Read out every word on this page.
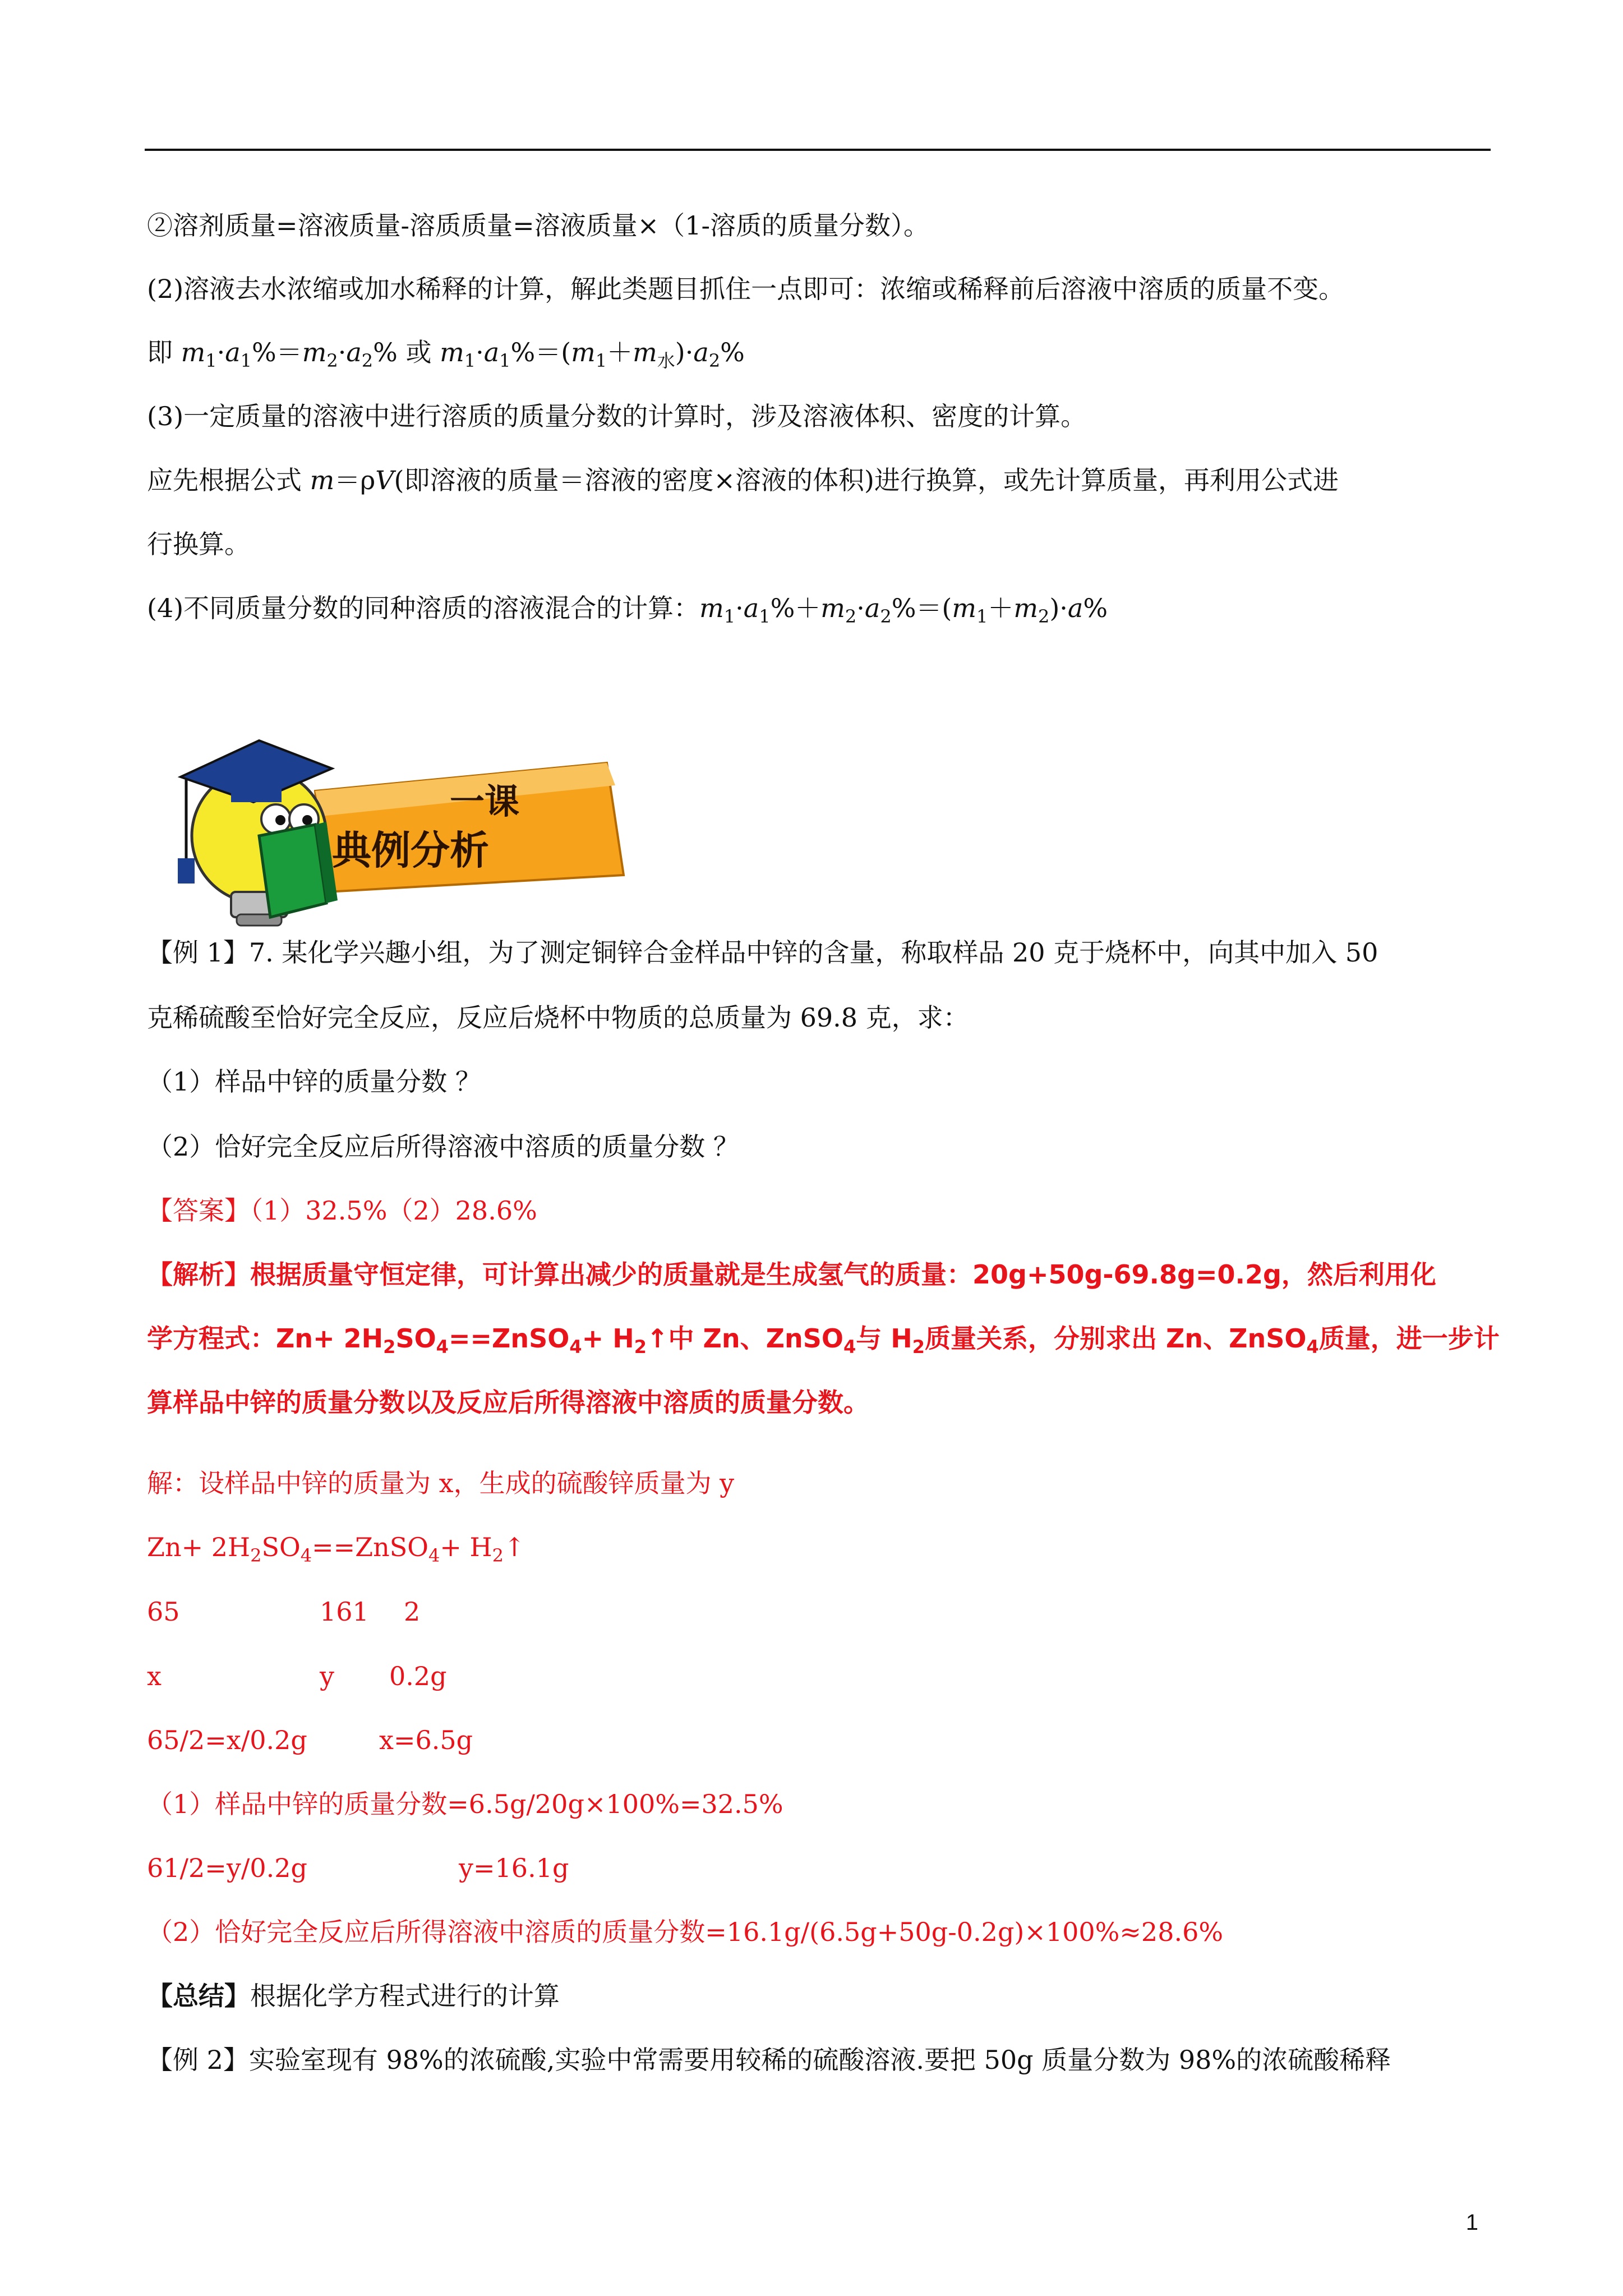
②溶剂质量=溶液质量-溶质质量=溶液质量×（1-溶质的质量分数）。
(2)溶液去水浓缩或加水稀释的计算，解此类题目抓住一点即可：浓缩或稀释前后溶液中溶质的质量不变。
即 $m_1\cdot a_1\%=m_2\cdot a_2\%$ 或 $m_1\cdot a_1\%=(m_1+m_水)\cdot a_2\%$
(3)一定质量的溶液中进行溶质的质量分数的计算时，涉及溶液体积、密度的计算。
应先根据公式 m＝ρV(即溶液的质量＝溶液的密度×溶液的体积)进行换算，或先计算质量，再利用公式进
行换算。
(4)不同质量分数的同种溶质的溶液混合的计算：$m_1\cdot a_1\%+m_2\cdot a_2\%=(m_1+m_2)\cdot a\%$
一课
典例分析
【例 1】7. 某化学兴趣小组，为了测定铜锌合金样品中锌的含量，称取样品 20 克于烧杯中，向其中加入 50
克稀硫酸至恰好完全反应，反应后烧杯中物质的总质量为 69.8 克，求：
（1）样品中锌的质量分数 ？
（2）恰好完全反应后所得溶液中溶质的质量分数 ？
【答案】（1）32.5%（2）28.6%
【解析】根据质量守恒定律，可计算出减少的质量就是生成氢气的质量：20g+50g-69.8g=0.2g，然后利用化
学方程式：$Zn+ 2H_2SO_4==ZnSO_4+$ $H_2↑$中 Zn、ZnSO$_4$与 $H_2$质量关系，分别求出 Zn、ZnSO$_4$质量，进一步计
算样品中锌的质量分数以及反应后所得溶液中溶质的质量分数。
解：设样品中锌的质量为 x，生成的硫酸锌质量为 y
$Zn+ 2H_2SO_4==ZnSO_4+$ $H_2↑$
65	161 2
x	y 0.2g
65/2=x/0.2g	x=6.5g
（1）样品中锌的质量分数=6.5g/20g×100%=32.5%
61/2=y/0.2g	y=16.1g
（2）恰好完全反应后所得溶液中溶质的质量分数=16.1g/(6.5g+50g-0.2g)×100%≈28.6%
【总结】根据化学方程式进行的计算
【例 2】实验室现有 98%的浓硫酸,实验中常需要用较稀的硫酸溶液.要把 50g 质量分数为 98%的浓硫酸稀释
1
